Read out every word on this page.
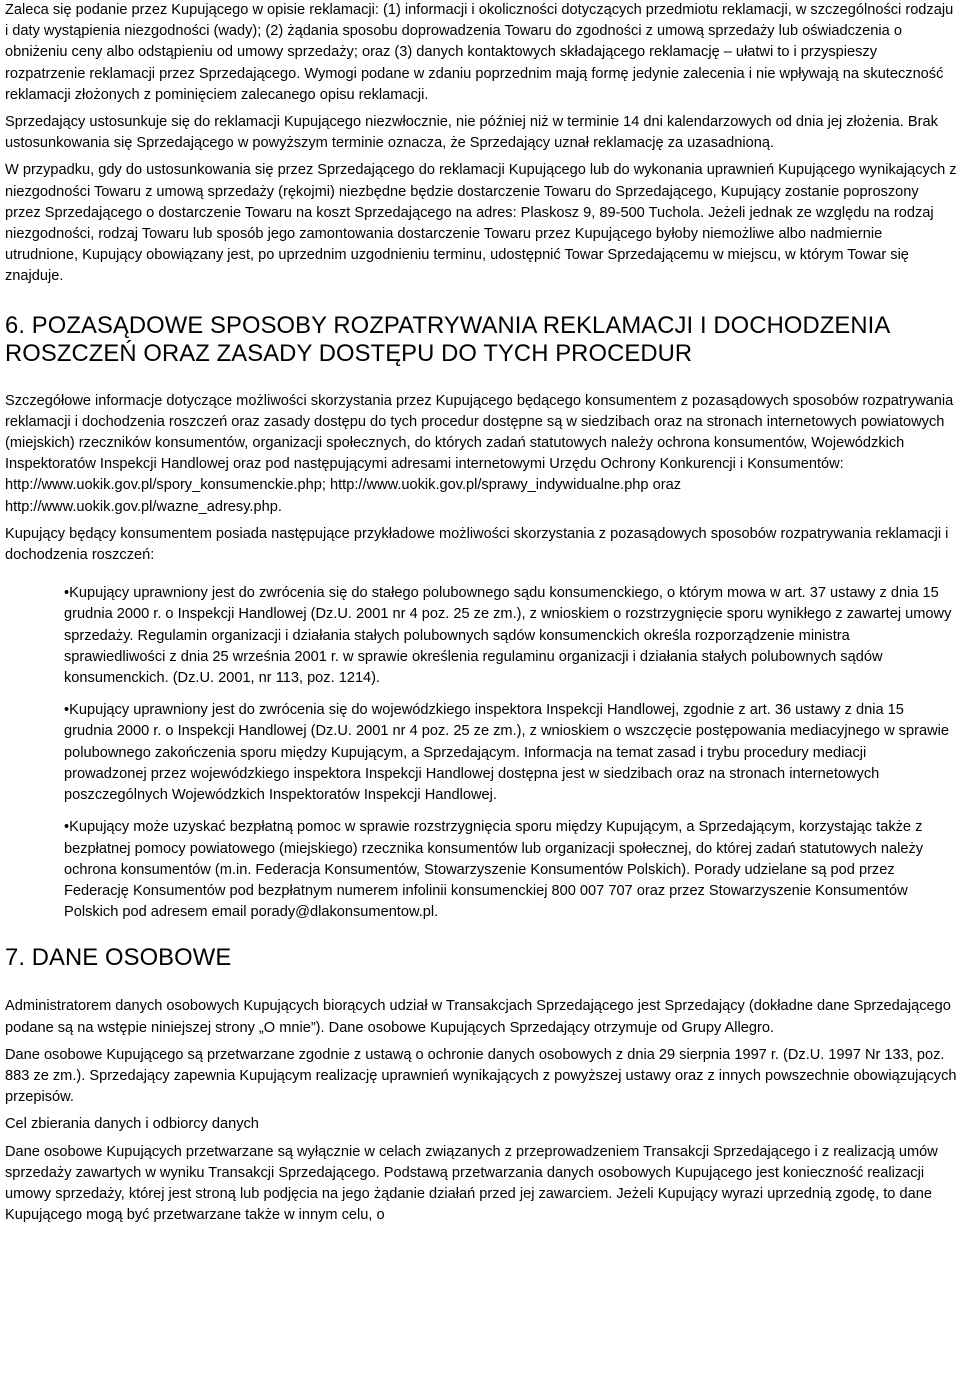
Zaleca się podanie przez Kupującego w opisie reklamacji: (1) informacji i okoliczności dotyczących przedmiotu reklamacji, w szczególności rodzaju i daty wystąpienia niezgodności (wady); (2) żądania sposobu doprowadzenia Towaru do zgodności z umową sprzedaży lub oświadczenia o obniżeniu ceny albo odstąpieniu od umowy sprzedaży; oraz (3) danych kontaktowych składającego reklamację – ułatwi to i przyspieszy rozpatrzenie reklamacji przez Sprzedającego. Wymogi podane w zdaniu poprzednim mają formę jedynie zalecenia i nie wpływają na skuteczność reklamacji złożonych z pominięciem zalecanego opisu reklamacji.

Sprzedający ustosunkuje się do reklamacji Kupującego niezwłocznie, nie później niż w terminie 14 dni kalendarzowych od dnia jej złożenia. Brak ustosunkowania się Sprzedającego w powyższym terminie oznacza, że Sprzedający uznał reklamację za uzasadnioną.

W przypadku, gdy do ustosunkowania się przez Sprzedającego do reklamacji Kupującego lub do wykonania uprawnień Kupującego wynikających z niezgodności Towaru z umową sprzedaży (rękojmi) niezbędne będzie dostarczenie Towaru do Sprzedającego, Kupujący zostanie poproszony przez Sprzedającego o dostarczenie Towaru na koszt Sprzedającego na adres: Plaskosz 9, 89-500 Tuchola. Jeżeli jednak ze względu na rodzaj niezgodności, rodzaj Towaru lub sposób jego zamontowania dostarczenie Towaru przez Kupującego byłoby niemożliwe albo nadmiernie utrudnione, Kupujący obowiązany jest, po uprzednim uzgodnieniu terminu, udostępnić Towar Sprzedającemu w miejscu, w którym Towar się znajduje.

6. POZASĄDOWE SPOSOBY ROZPATRYWANIA REKLAMACJI I DOCHODZENIA ROSZCZEŃ ORAZ ZASADY DOSTĘPU DO TYCH PROCEDUR

Szczegółowe informacje dotyczące możliwości skorzystania przez Kupującego będącego konsumentem z pozasądowych sposobów rozpatrywania reklamacji i dochodzenia roszczeń oraz zasady dostępu do tych procedur dostępne są w siedzibach oraz na stronach internetowych powiatowych (miejskich) rzeczników konsumentów, organizacji społecznych, do których zadań statutowych należy ochrona konsumentów, Wojewódzkich Inspektoratów Inspekcji Handlowej oraz pod następującymi adresami internetowymi Urzędu Ochrony Konkurencji i Konsumentów: http://www.uokik.gov.pl/spory_konsumenckie.php; http://www.uokik.gov.pl/sprawy_indywidualne.php oraz http://www.uokik.gov.pl/wazne_adresy.php.

Kupujący będący konsumentem posiada następujące przykładowe możliwości skorzystania z pozasądowych sposobów rozpatrywania reklamacji i dochodzenia roszczeń:

•Kupujący uprawniony jest do zwrócenia się do stałego polubownego sądu konsumenckiego, o którym mowa w art. 37 ustawy z dnia 15 grudnia 2000 r. o Inspekcji Handlowej (Dz.U. 2001 nr 4 poz. 25 ze zm.), z wnioskiem o rozstrzygnięcie sporu wynikłego z zawartej umowy sprzedaży. Regulamin organizacji i działania stałych polubownych sądów konsumenckich określa rozporządzenie ministra sprawiedliwości z dnia 25 września 2001 r. w sprawie określenia regulaminu organizacji i działania stałych polubownych sądów konsumenckich. (Dz.U. 2001, nr 113, poz. 1214).
•Kupujący uprawniony jest do zwrócenia się do wojewódzkiego inspektora Inspekcji Handlowej, zgodnie z art. 36 ustawy z dnia 15 grudnia 2000 r. o Inspekcji Handlowej (Dz.U. 2001 nr 4 poz. 25 ze zm.), z wnioskiem o wszczęcie postępowania mediacyjnego w sprawie polubownego zakończenia sporu między Kupującym, a Sprzedającym. Informacja na temat zasad i trybu procedury mediacji prowadzonej przez wojewódzkiego inspektora Inspekcji Handlowej dostępna jest w siedzibach oraz na stronach internetowych poszczególnych Wojewódzkich Inspektoratów Inspekcji Handlowej.
•Kupujący może uzyskać bezpłatną pomoc w sprawie rozstrzygnięcia sporu między Kupującym, a Sprzedającym, korzystając także z bezpłatnej pomocy powiatowego (miejskiego) rzecznika konsumentów lub organizacji społecznej, do której zadań statutowych należy ochrona konsumentów (m.in. Federacja Konsumentów, Stowarzyszenie Konsumentów Polskich). Porady udzielane są pod przez Federację Konsumentów pod bezpłatnym numerem infolinii konsumenckiej 800 007 707 oraz przez Stowarzyszenie Konsumentów Polskich pod adresem email porady@dlakonsumentow.pl.
7. DANE OSOBOWE

Administratorem danych osobowych Kupujących biorących udział w Transakcjach Sprzedającego jest Sprzedający (dokładne dane Sprzedającego podane są na wstępie niniejszej strony „O mnie”). Dane osobowe Kupujących Sprzedający otrzymuje od Grupy Allegro.

Dane osobowe Kupującego są przetwarzane zgodnie z ustawą o ochronie danych osobowych z dnia 29 sierpnia 1997 r. (Dz.U. 1997 Nr 133, poz. 883 ze zm.). Sprzedający zapewnia Kupującym realizację uprawnień wynikających z powyższej ustawy oraz z innych powszechnie obowiązujących przepisów.

Cel zbierania danych i odbiorcy danych

Dane osobowe Kupujących przetwarzane są wyłącznie w celach związanych z przeprowadzeniem Transakcji Sprzedającego i z realizacją umów sprzedaży zawartych w wyniku Transakcji Sprzedającego. Podstawą przetwarzania danych osobowych Kupującego jest konieczność realizacji umowy sprzedaży, której jest stroną lub podjęcia na jego żądanie działań przed jej zawarciem. Jeżeli Kupujący wyrazi uprzednią zgodę, to dane Kupującego mogą być przetwarzane także w innym celu, o
